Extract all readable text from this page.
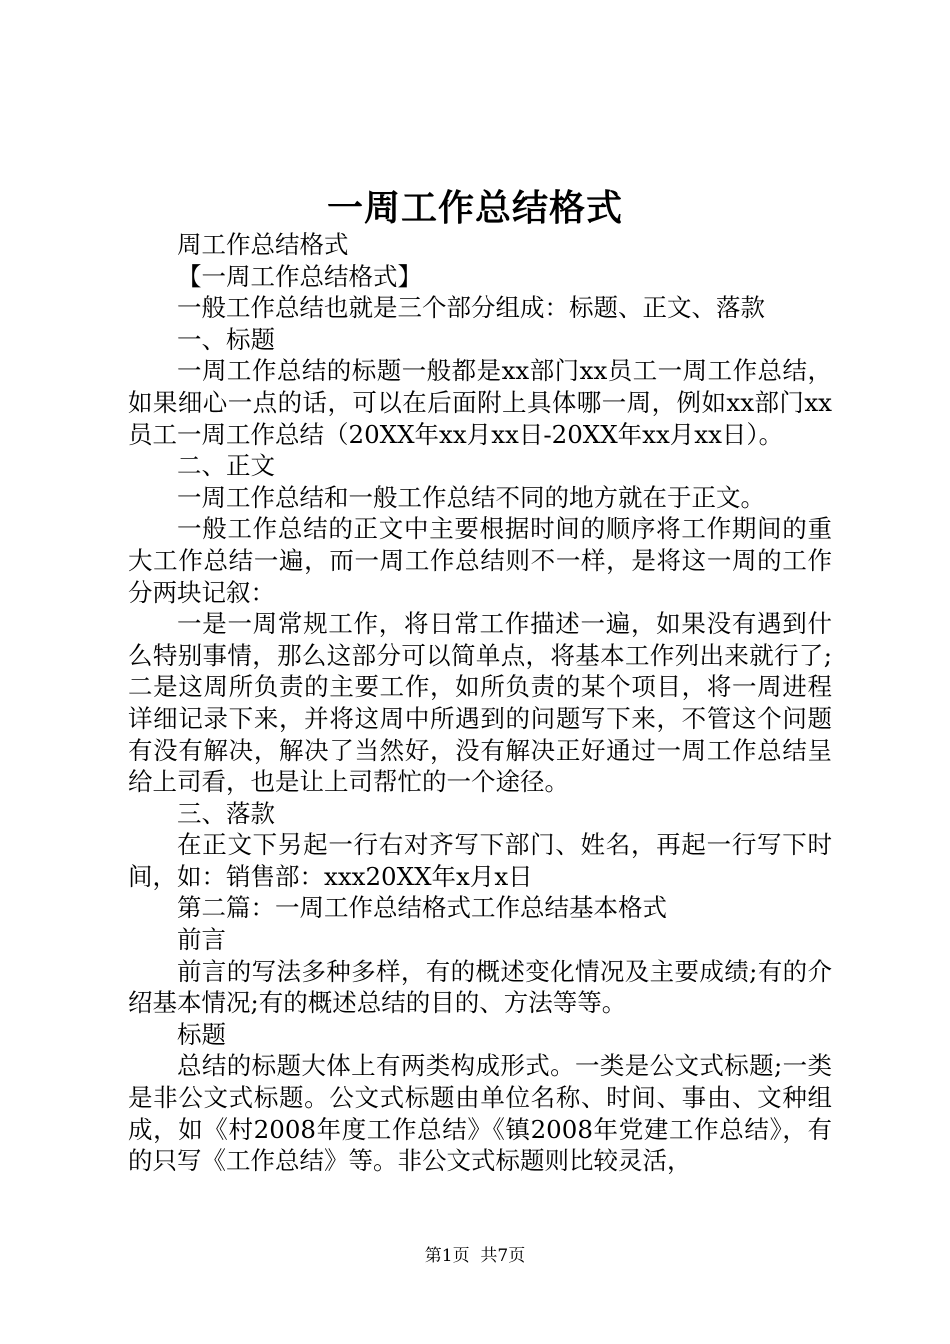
一周工作总结格式

周工作总结格式

【一周工作总结格式】

一般工作总结也就是三个部分组成：标题、正文、落款

一、标题

一周工作总结的标题一般都是xx部门xx员工一周工作总结，如果细心一点的话，可以在后面附上具体哪一周，例如xx部门xx员工一周工作总结（20XX年xx月xx日-20XX年xx月xx日）。

二、正文

一周工作总结和一般工作总结不同的地方就在于正文。

一般工作总结的正文中主要根据时间的顺序将工作期间的重大工作总结一遍，而一周工作总结则不一样，是将这一周的工作分两块记叙：

一是一周常规工作，将日常工作描述一遍，如果没有遇到什么特别事情，那么这部分可以简单点，将基本工作列出来就行了;二是这周所负责的主要工作，如所负责的某个项目，将一周进程详细记录下来，并将这周中所遇到的问题写下来，不管这个问题有没有解决，解决了当然好，没有解决正好通过一周工作总结呈给上司看，也是让上司帮忙的一个途径。

三、落款

在正文下另起一行右对齐写下部门、姓名，再起一行写下时间，如：销售部：xxx20XX年x月x日

第二篇：一周工作总结格式工作总结基本格式

前言

前言的写法多种多样，有的概述变化情况及主要成绩;有的介绍基本情况;有的概述总结的目的、方法等等。

标题

总结的标题大体上有两类构成形式。一类是公文式标题;一类是非公文式标题。公文式标题由单位名称、时间、事由、文种组成，如《村2008年度工作总结》《镇2008年党建工作总结》，有的只写《工作总结》等。非公文式标题则比较灵活，

第1页  共7页
